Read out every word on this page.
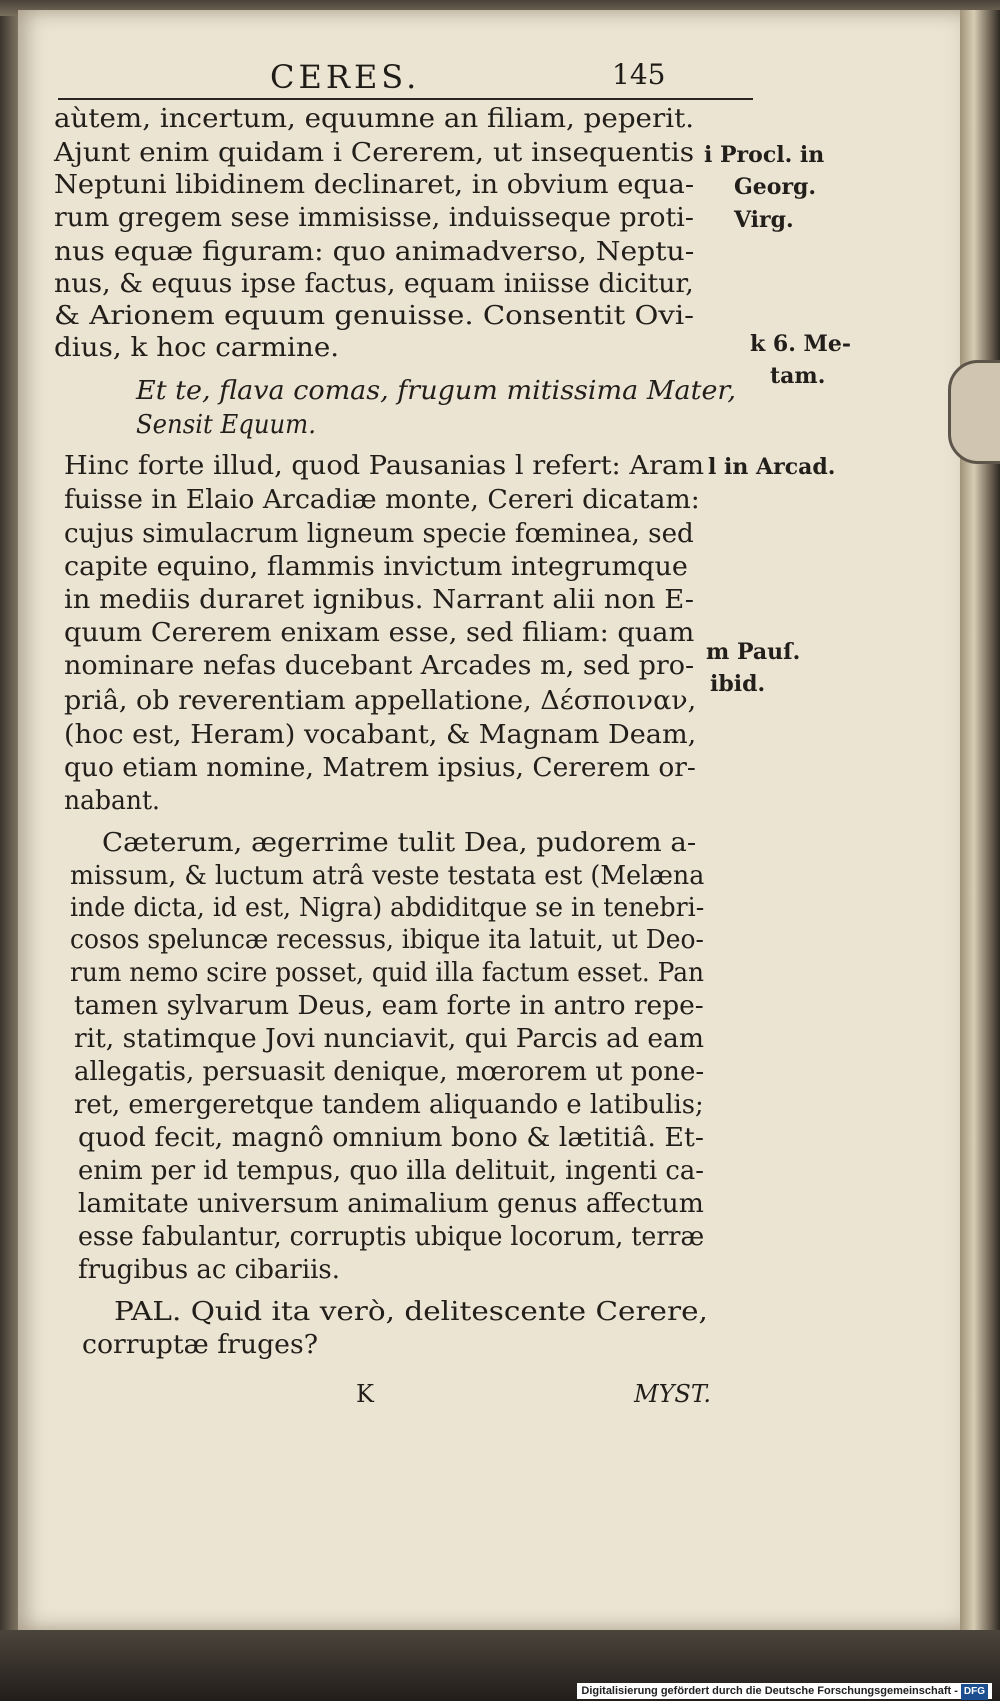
CERES.	145
aùtem, incertum, equumne an filiam, peperit.
Ajunt enim quidam i Cererem, ut insequentis
Neptuni libidinem declinaret, in obvium equa-
rum gregem sese immisisse, induisseque proti-
nus equæ figuram: quo animadverso, Neptu-
nus, & equus ipse factus, equam iniisse dicitur,
& Arionem equum genuisse. Consentit Ovi-
dius, k hoc carmine.
Et te, flava comas, frugum mitissima Mater,
Sensit Equum.
Hinc forte illud, quod Pausanias l refert: Aram
fuisse in Elaio Arcadiæ monte, Cereri dicatam:
cujus simulacrum ligneum specie fœminea, sed
capite equino, flammis invictum integrumque
in mediis duraret ignibus. Narrant alii non E-
quum Cererem enixam esse, sed filiam: quam
nominare nefas ducebant Arcades m, sed pro-
priâ, ob reverentiam appellatione, Δέσποιναν,
(hoc est, Heram) vocabant, & Magnam Deam,
quo etiam nomine, Matrem ipsius, Cererem or-
nabant.
Cæterum, ægerrime tulit Dea, pudorem a-
missum, & luctum atrâ veste testata est (Melæna
inde dicta, id est, Nigra) abdiditque se in tenebri-
cosos speluncæ recessus, ibique ita latuit, ut Deo-
rum nemo scire posset, quid illa factum esset. Pan
tamen sylvarum Deus, eam forte in antro repe-
rit, statimque Jovi nunciavit, qui Parcis ad eam
allegatis, persuasit denique, mœrorem ut pone-
ret, emergeretque tandem aliquando e latibulis;
quod fecit, magnô omnium bono & lætitiâ. Et-
enim per id tempus, quo illa delituit, ingenti ca-
lamitate universum animalium genus affectum
esse fabulantur, corruptis ubique locorum, terræ
frugibus ac cibariis.
PAL. Quid ita verò, delitescente Cerere,
corruptæ fruges?
i Procl. in
Georg.
Virg.
k 6. Me-
tam.
l in Arcad.
m Pauſ.
ibid.
K	MYST.
Digitalisierung gefördert durch die Deutsche Forschungsgemeinschaft - DFG
